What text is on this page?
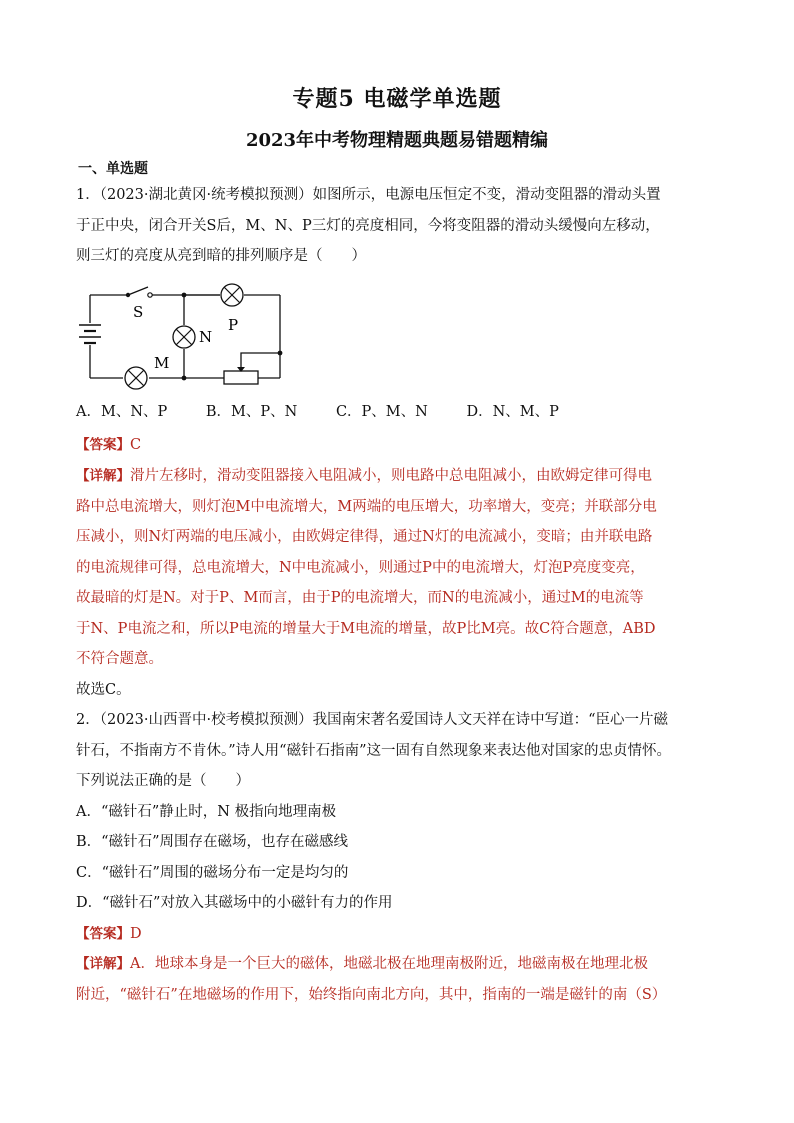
专题5 电磁学单选题
2023年中考物理精题典题易错题精编
一、单选题
1．（2023·湖北黄冈·统考模拟预测）如图所示，电源电压恒定不变，滑动变阻器的滑动头置
于正中央，闭合开关S后，M、N、P三灯的亮度相同，今将变阻器的滑动头缓慢向左移动，
则三灯的亮度从亮到暗的排列顺序是（　　）
S
P
N
M
A．M、N、P	B．M、P、N	C．P、M、N	D．N、M、P
【答案】C
【详解】滑片左移时，滑动变阻器接入电阻减小，则电路中总电阻减小，由欧姆定律可得电
路中总电流增大，则灯泡M中电流增大，M两端的电压增大，功率增大，变亮；并联部分电
压减小，则N灯两端的电压减小，由欧姆定律得，通过N灯的电流减小，变暗；由并联电路
的电流规律可得，总电流增大，N中电流减小，则通过P中的电流增大，灯泡P亮度变亮，
故最暗的灯是N。对于P、M而言，由于P的电流增大，而N的电流减小，通过M的电流等
于N、P电流之和，所以P电流的增量大于M电流的增量，故P比M亮。故C符合题意，ABD
不符合题意。
故选C。
2．（2023·山西晋中·校考模拟预测）我国南宋著名爱国诗人文天祥在诗中写道：“臣心一片磁
针石，不指南方不肯休。”诗人用“磁针石指南”这一固有自然现象来表达他对国家的忠贞情怀。
下列说法正确的是（　　）
A．“磁针石”静止时，N 极指向地理南极
B．“磁针石”周围存在磁场，也存在磁感线
C．“磁针石”周围的磁场分布一定是均匀的
D．“磁针石”对放入其磁场中的小磁针有力的作用
【答案】D
【详解】A．地球本身是一个巨大的磁体，地磁北极在地理南极附近，地磁南极在地理北极
附近，“磁针石”在地磁场的作用下，始终指向南北方向，其中，指南的一端是磁针的南（S）
